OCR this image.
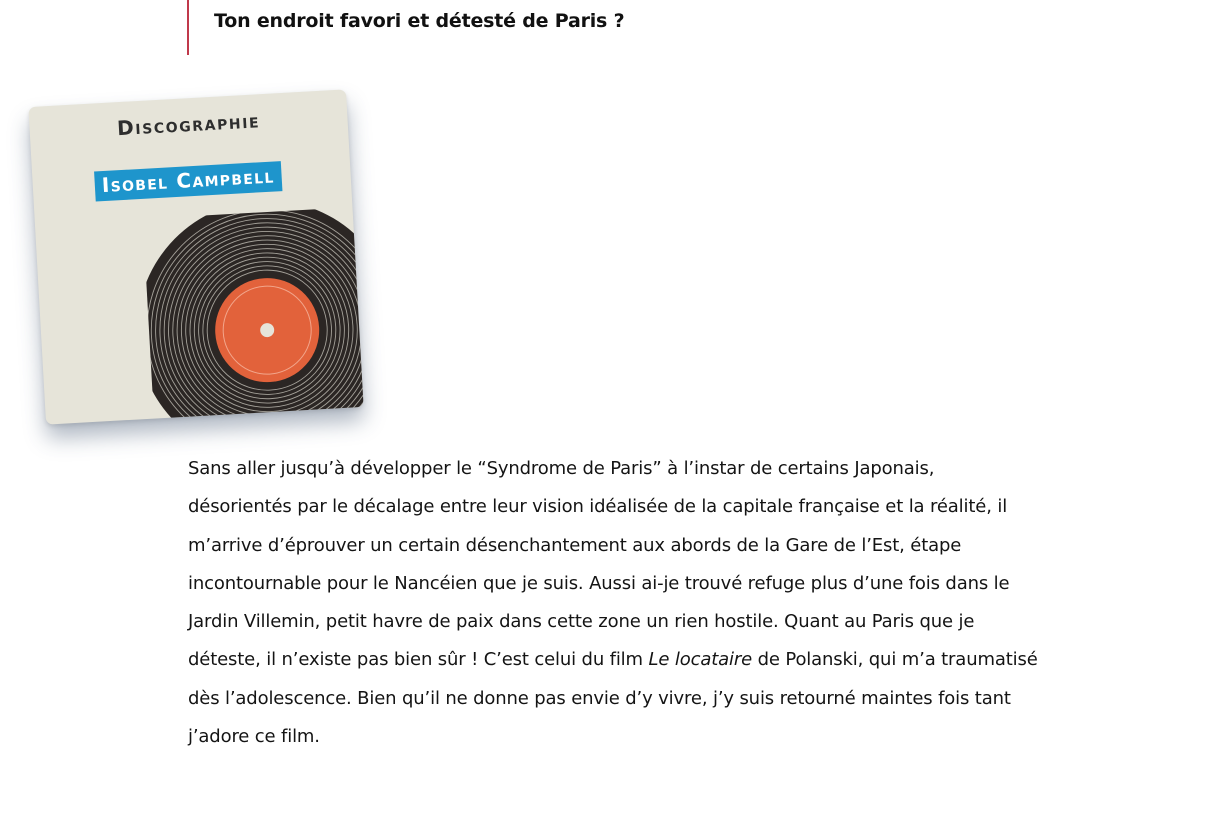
Ton endroit favori et détesté de Paris ?
Discographie
Isobel Campbell

Sans aller jusqu’à développer le “Syndrome de Paris” à l’instar de certains Japonais, désorientés par le décalage entre leur vision idéalisée de la capitale française et la réalité, il m’arrive d’éprouver un certain désenchantement aux abords de la Gare de l’Est, étape incontournable pour le Nancéien que je suis. Aussi ai-je trouvé refuge plus d’une fois dans le Jardin Villemin, petit havre de paix dans cette zone un rien hostile. Quant au Paris que je déteste, il n’existe pas bien sûr ! C’est celui du film Le locataire de Polanski, qui m’a traumatisé dès l’adolescence. Bien qu’il ne donne pas envie d’y vivre, j’y suis retourné maintes fois tant j’adore ce film.
